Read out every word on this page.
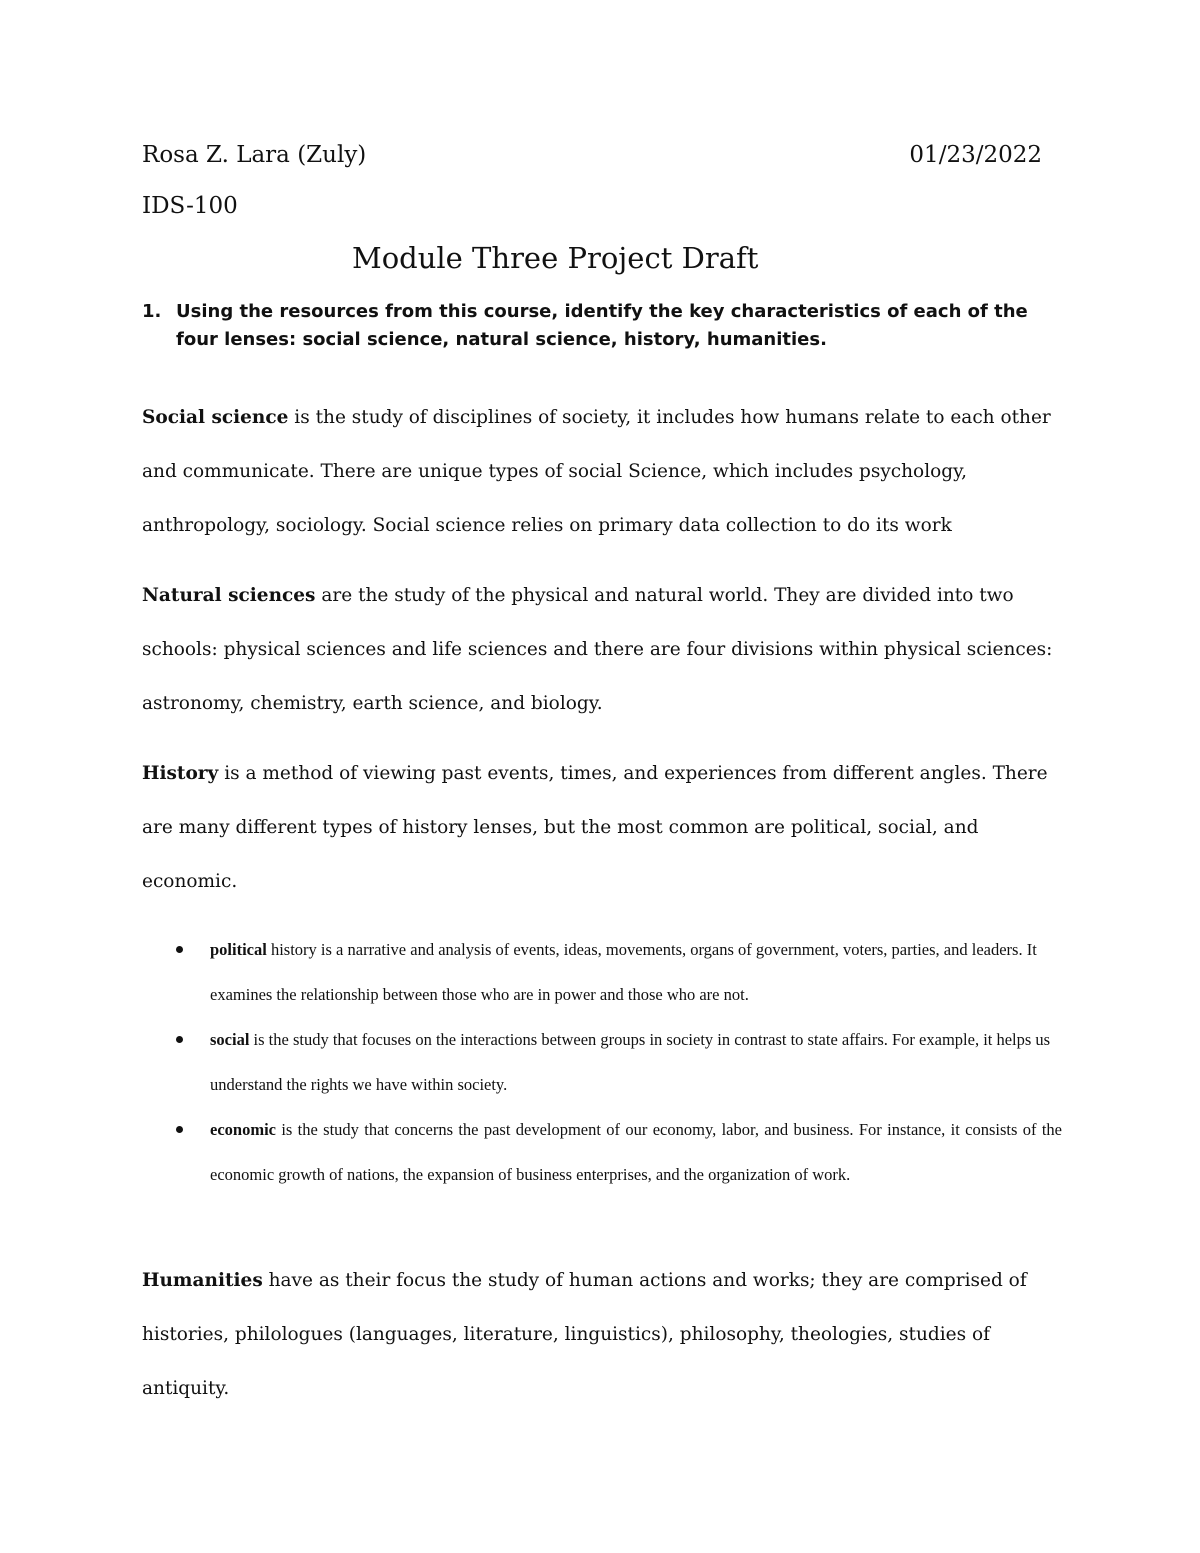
Rosa Z. Lara (Zuly)	01/23/2022
IDS-100
Module Three Project Draft
1. Using the resources from this course, identify the key characteristics of each of the four lenses: social science, natural science, history, humanities.
Social science is the study of disciplines of society, it includes how humans relate to each other and communicate. There are unique types of social Science, which includes psychology, anthropology, sociology. Social science relies on primary data collection to do its work
Natural sciences are the study of the physical and natural world. They are divided into two schools: physical sciences and life sciences and there are four divisions within physical sciences: astronomy, chemistry, earth science, and biology.
History is a method of viewing past events, times, and experiences from different angles. There are many different types of history lenses, but the most common are political, social, and economic.
political history is a narrative and analysis of events, ideas, movements, organs of government, voters, parties, and leaders. It examines the relationship between those who are in power and those who are not.
social is the study that focuses on the interactions between groups in society in contrast to state affairs. For example, it helps us understand the rights we have within society.
economic is the study that concerns the past development of our economy, labor, and business. For instance, it consists of the economic growth of nations, the expansion of business enterprises, and the organization of work.
Humanities have as their focus the study of human actions and works; they are comprised of histories, philologues (languages, literature, linguistics), philosophy, theologies, studies of antiquity.
